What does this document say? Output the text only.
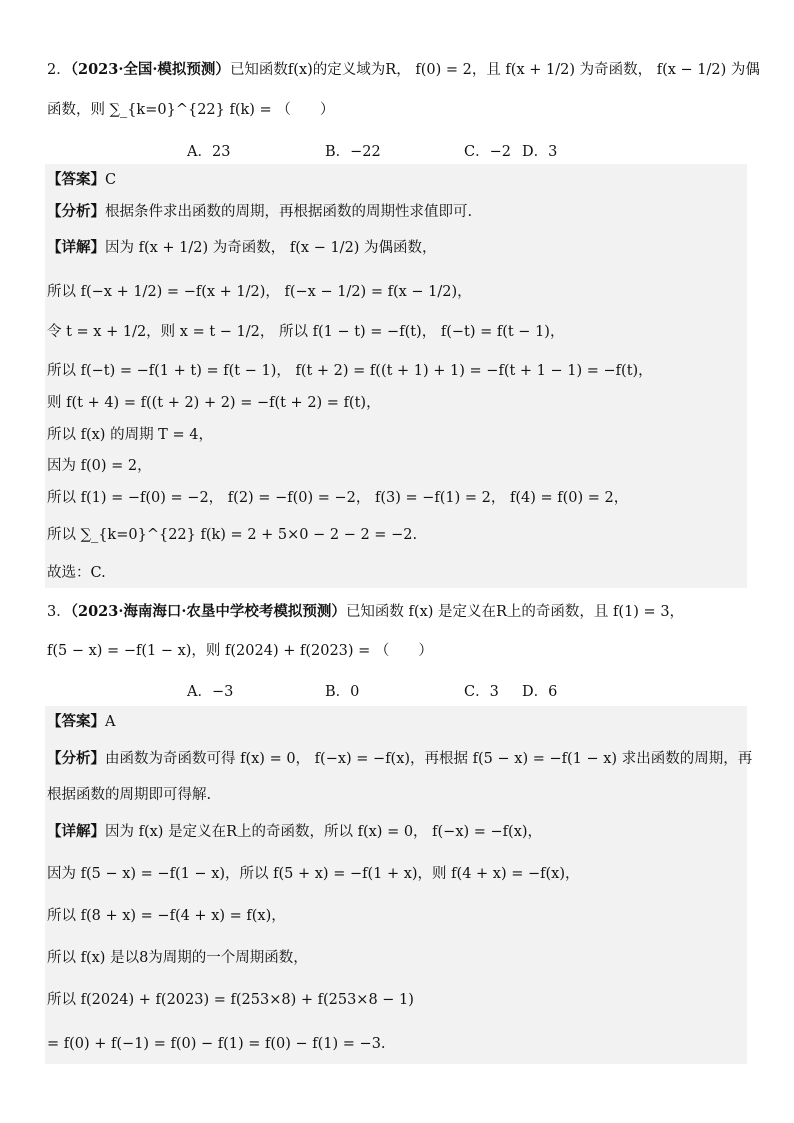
2．（2023·全国·模拟预测）已知函数f(x)的定义域为R， f(0) = 2，且 f(x + 1/2) 为奇函数， f(x − 1/2) 为偶
函数，则 ∑_{k=0}^{22} f(k) = （　　）
A．23	B．−22	C．−2 D．3
【答案】C
【分析】根据条件求出函数的周期，再根据函数的周期性求值即可.
【详解】因为 f(x + 1/2) 为奇函数， f(x − 1/2) 为偶函数，
所以 f(−x + 1/2) = −f(x + 1/2)， f(−x − 1/2) = f(x − 1/2)，
令 t = x + 1/2，则 x = t − 1/2， 所以 f(1 − t) = −f(t)， f(−t) = f(t − 1)，
所以 f(−t) = −f(1 + t) = f(t − 1)， f(t + 2) = f((t + 1) + 1) = −f(t + 1 − 1) = −f(t)，
则 f(t + 4) = f((t + 2) + 2) = −f(t + 2) = f(t)，
所以 f(x) 的周期 T = 4，
因为 f(0) = 2，
所以 f(1) = −f(0) = −2， f(2) = −f(0) = −2， f(3) = −f(1) = 2， f(4) = f(0) = 2，
所以 ∑_{k=0}^{22} f(k) = 2 + 5×0 − 2 − 2 = −2.
故选：C.
3．（2023·海南海口·农垦中学校考模拟预测）已知函数 f(x) 是定义在R上的奇函数，且 f(1) = 3，
f(5 − x) = −f(1 − x)，则 f(2024) + f(2023) = （　　）
A．−3	B．0	C．3 D．6
【答案】A
【分析】由函数为奇函数可得 f(x) = 0， f(−x) = −f(x)，再根据 f(5 − x) = −f(1 − x) 求出函数的周期，再
根据函数的周期即可得解.
【详解】因为 f(x) 是定义在R上的奇函数，所以 f(x) = 0， f(−x) = −f(x)，
因为 f(5 − x) = −f(1 − x)，所以 f(5 + x) = −f(1 + x)，则 f(4 + x) = −f(x)，
所以 f(8 + x) = −f(4 + x) = f(x)，
所以 f(x) 是以8为周期的一个周期函数，
所以 f(2024) + f(2023) = f(253×8) + f(253×8 − 1)
= f(0) + f(−1) = f(0) − f(1) = f(0) − f(1) = −3.
